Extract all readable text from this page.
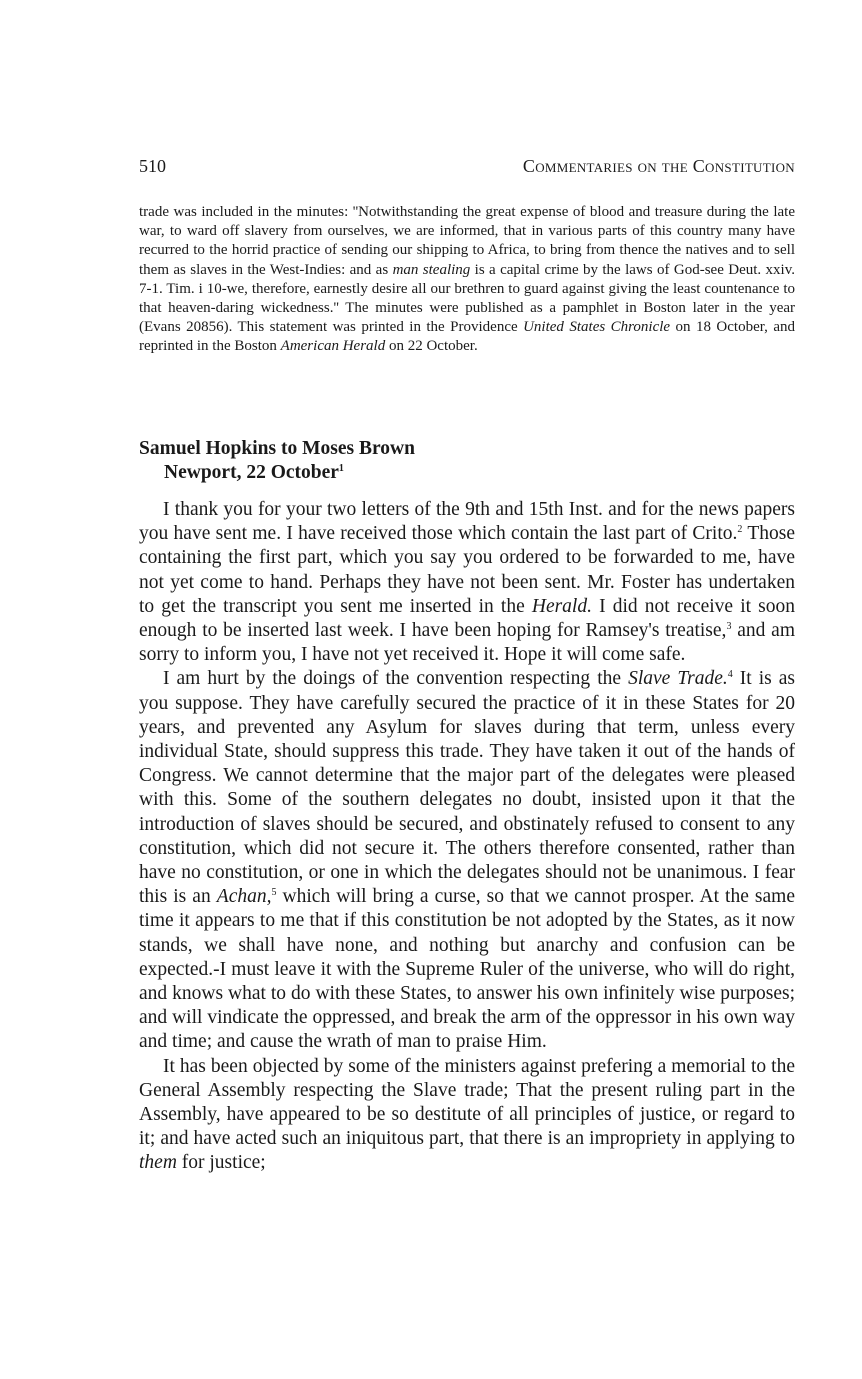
510	Commentaries on the Constitution

trade was included in the minutes: ''Notwithstanding the great expense of blood and treasure during the late war, to ward off slavery from ourselves, we are informed, that in various parts of this country many have recurred to the horrid practice of sending our shipping to Africa, to bring from thence the natives and to sell them as slaves in the West-Indies: and as man stealing is a capital crime by the laws of God-see Deut. xxiv. 7-1. Tim. i 10-we, therefore, earnestly desire all our brethren to guard against giving the least countenance to that heaven-daring wickedness.'' The minutes were published as a pamphlet in Boston later in the year (Evans 20856). This statement was printed in the Providence United States Chronicle on 18 October, and reprinted in the Boston American Herald on 22 October.

Samuel Hopkins to Moses Brown
Newport, 22 October$^1$

I thank you for your two letters of the 9th and 15th Inst. and for the news papers you have sent me. I have received those which contain the last part of Crito.$^2$ Those containing the first part, which you say you ordered to be forwarded to me, have not yet come to hand. Perhaps they have not been sent. Mr. Foster has undertaken to get the transcript you sent me inserted in the Herald. I did not receive it soon enough to be inserted last week. I have been hoping for Ramsey's treatise,$^3$ and am sorry to inform you, I have not yet received it. Hope it will come safe.

I am hurt by the doings of the convention respecting the Slave Trade.$^4$ It is as you suppose. They have carefully secured the practice of it in these States for 20 years, and prevented any Asylum for slaves during that term, unless every individual State, should suppress this trade. They have taken it out of the hands of Congress. We cannot determine that the major part of the delegates were pleased with this. Some of the southern delegates no doubt, insisted upon it that the introduction of slaves should be secured, and obstinately refused to consent to any constitution, which did not secure it. The others therefore consented, rather than have no constitution, or one in which the delegates should not be unanimous. I fear this is an Achan,$^5$ which will bring a curse, so that we cannot prosper. At the same time it appears to me that if this constitution be not adopted by the States, as it now stands, we shall have none, and nothing but anarchy and confusion can be expected.-I must leave it with the Supreme Ruler of the universe, who will do right, and knows what to do with these States, to answer his own infinitely wise purposes; and will vindicate the oppressed, and break the arm of the oppressor in his own way and time; and cause the wrath of man to praise Him.

It has been objected by some of the ministers against prefering a memorial to the General Assembly respecting the Slave trade; That the present ruling part in the Assembly, have appeared to be so destitute of all principles of justice, or regard to it; and have acted such an iniquitous part, that there is an impropriety in applying to them for justice;
